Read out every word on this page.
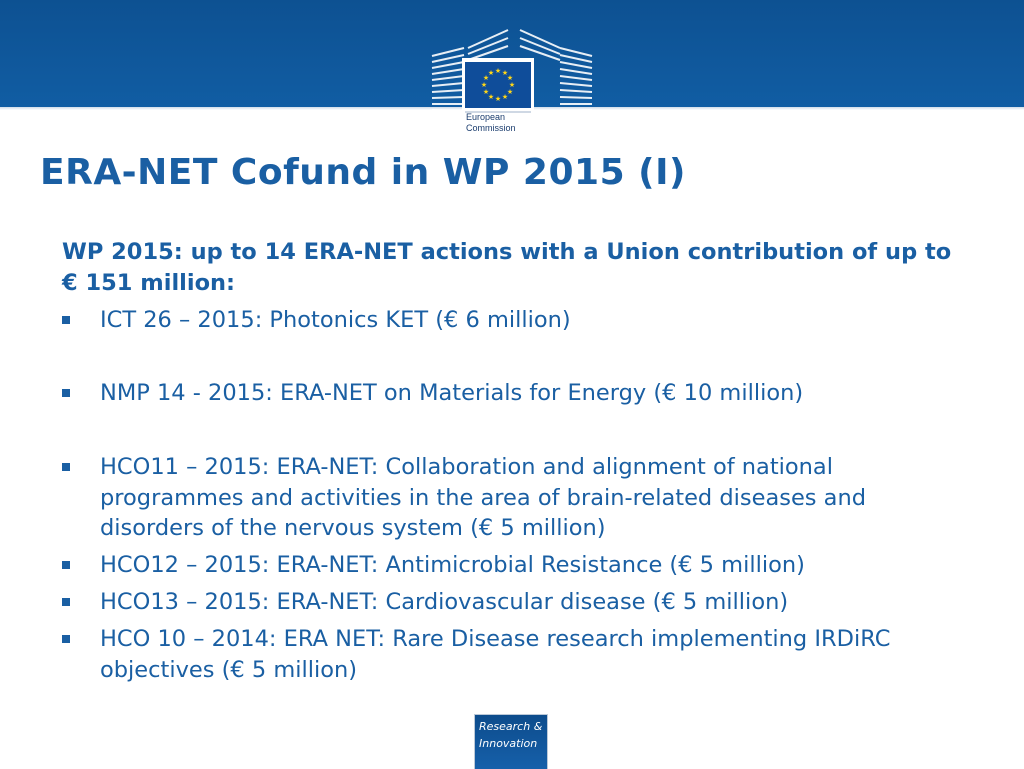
★ ★
★
★
★
★
★
★
★
★
★
★
European
Commission
ERA-NET Cofund in WP 2015 (I)

WP 2015: up to 14 ERA-NET actions with a Union contribution of up to € 151 million:

ICT 26 – 2015: Photonics KET (€ 6 million)
NMP 14 - 2015: ERA-NET on Materials for Energy (€ 10 million)
HCO11 – 2015: ERA-NET: Collaboration and alignment of national programmes and activities in the area of brain-related diseases and disorders of the nervous system (€ 5 million)
HCO12 – 2015: ERA-NET: Antimicrobial Resistance (€ 5 million)
HCO13 – 2015: ERA-NET: Cardiovascular disease (€ 5 million)
HCO 10 – 2014: ERA NET: Rare Disease research implementing IRDiRC objectives (€ 5 million)
Research &
Innovation
